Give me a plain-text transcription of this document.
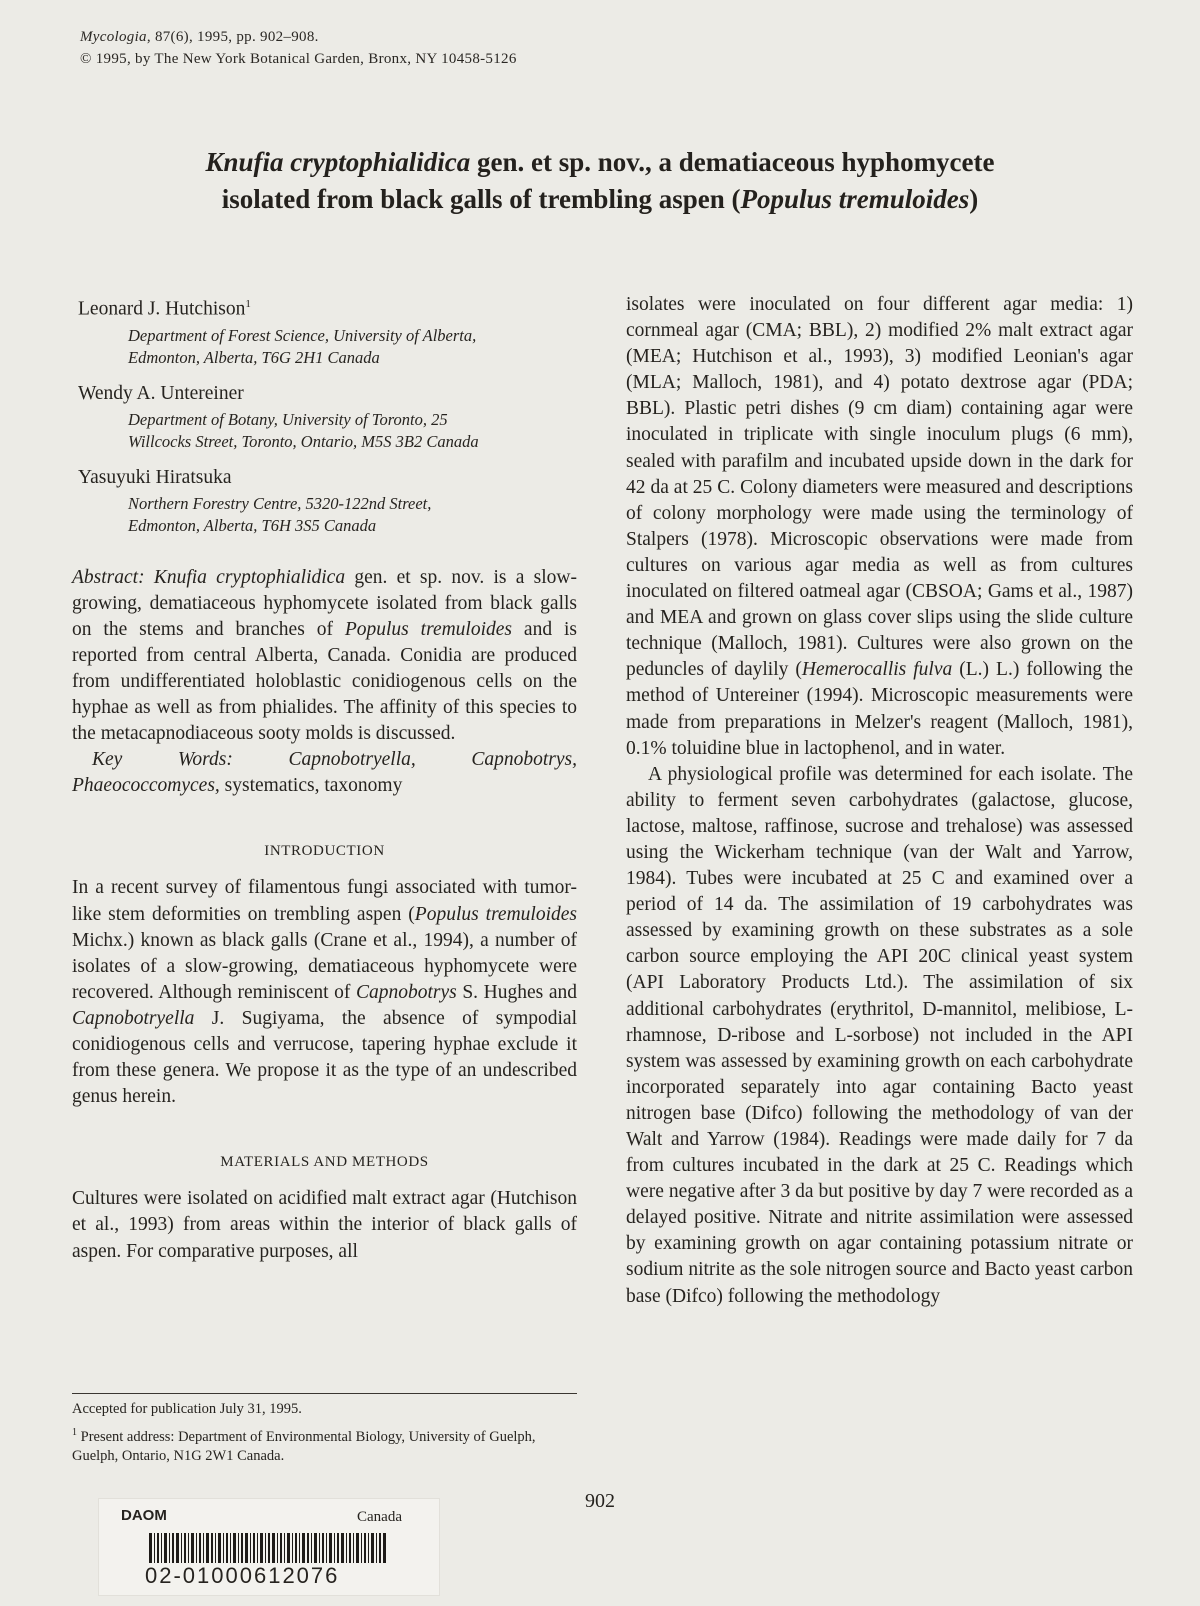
Mycologia, 87(6), 1995, pp. 902–908.
© 1995, by The New York Botanical Garden, Bronx, NY 10458-5126
Knufia cryptophialidica gen. et sp. nov., a dematiaceous hyphomycete
isolated from black galls of trembling aspen (Populus tremuloides)
Leonard J. Hutchison$^1$
Department of Forest Science, University of Alberta,
Edmonton, Alberta, T6G 2H1 Canada
Wendy A. Untereiner
Department of Botany, University of Toronto, 25
Willcocks Street, Toronto, Ontario, M5S 3B2 Canada
Yasuyuki Hiratsuka
Northern Forestry Centre, 5320-122nd Street,
Edmonton, Alberta, T6H 3S5 Canada

Abstract: Knufia cryptophialidica gen. et sp. nov. is a slow-growing, dematiaceous hyphomycete isolated from black galls on the stems and branches of Populus tremuloides and is reported from central Alberta, Canada. Conidia are produced from undifferentiated holoblastic conidiogenous cells on the hyphae as well as from phialides. The affinity of this species to the metacapnodiaceous sooty molds is discussed.

Key Words: Capnobotryella, Capnobotrys, Phaeococcomyces, systematics, taxonomy

INTRODUCTION

In a recent survey of filamentous fungi associated with tumor-like stem deformities on trembling aspen (Populus tremuloides Michx.) known as black galls (Crane et al., 1994), a number of isolates of a slow-growing, dematiaceous hyphomycete were recovered. Although reminiscent of Capnobotrys S. Hughes and Capnobotryella J. Sugiyama, the absence of sympodial conidiogenous cells and verrucose, tapering hyphae exclude it from these genera. We propose it as the type of an undescribed genus herein.

MATERIALS AND METHODS

Cultures were isolated on acidified malt extract agar (Hutchison et al., 1993) from areas within the interior of black galls of aspen. For comparative purposes, all

isolates were inoculated on four different agar media: 1) cornmeal agar (CMA; BBL), 2) modified 2% malt extract agar (MEA; Hutchison et al., 1993), 3) modified Leonian's agar (MLA; Malloch, 1981), and 4) potato dextrose agar (PDA; BBL). Plastic petri dishes (9 cm diam) containing agar were inoculated in triplicate with single inoculum plugs (6 mm), sealed with parafilm and incubated upside down in the dark for 42 da at 25 C. Colony diameters were measured and descriptions of colony morphology were made using the terminology of Stalpers (1978). Microscopic observations were made from cultures on various agar media as well as from cultures inoculated on filtered oatmeal agar (CBSOA; Gams et al., 1987) and MEA and grown on glass cover slips using the slide culture technique (Malloch, 1981). Cultures were also grown on the peduncles of daylily (Hemerocallis fulva (L.) L.) following the method of Untereiner (1994). Microscopic measurements were made from preparations in Melzer's reagent (Malloch, 1981), 0.1% toluidine blue in lactophenol, and in water.

A physiological profile was determined for each isolate. The ability to ferment seven carbohydrates (galactose, glucose, lactose, maltose, raffinose, sucrose and trehalose) was assessed using the Wickerham technique (van der Walt and Yarrow, 1984). Tubes were incubated at 25 C and examined over a period of 14 da. The assimilation of 19 carbohydrates was assessed by examining growth on these substrates as a sole carbon source employing the API 20C clinical yeast system (API Laboratory Products Ltd.). The assimilation of six additional carbohydrates (erythritol, D-mannitol, melibiose, L-rhamnose, D-ribose and L-sorbose) not included in the API system was assessed by examining growth on each carbohydrate incorporated separately into agar containing Bacto yeast nitrogen base (Difco) following the methodology of van der Walt and Yarrow (1984). Readings were made daily for 7 da from cultures incubated in the dark at 25 C. Readings which were negative after 3 da but positive by day 7 were recorded as a delayed positive. Nitrate and nitrite assimilation were assessed by examining growth on agar containing potassium nitrate or sodium nitrite as the sole nitrogen source and Bacto yeast carbon base (Difco) following the methodology

Accepted for publication July 31, 1995.
$^1$ Present address: Department of Environmental Biology, University of Guelph, Guelph, Ontario, N1G 2W1 Canada.
902
DAOM	Canada
02-01000612076
